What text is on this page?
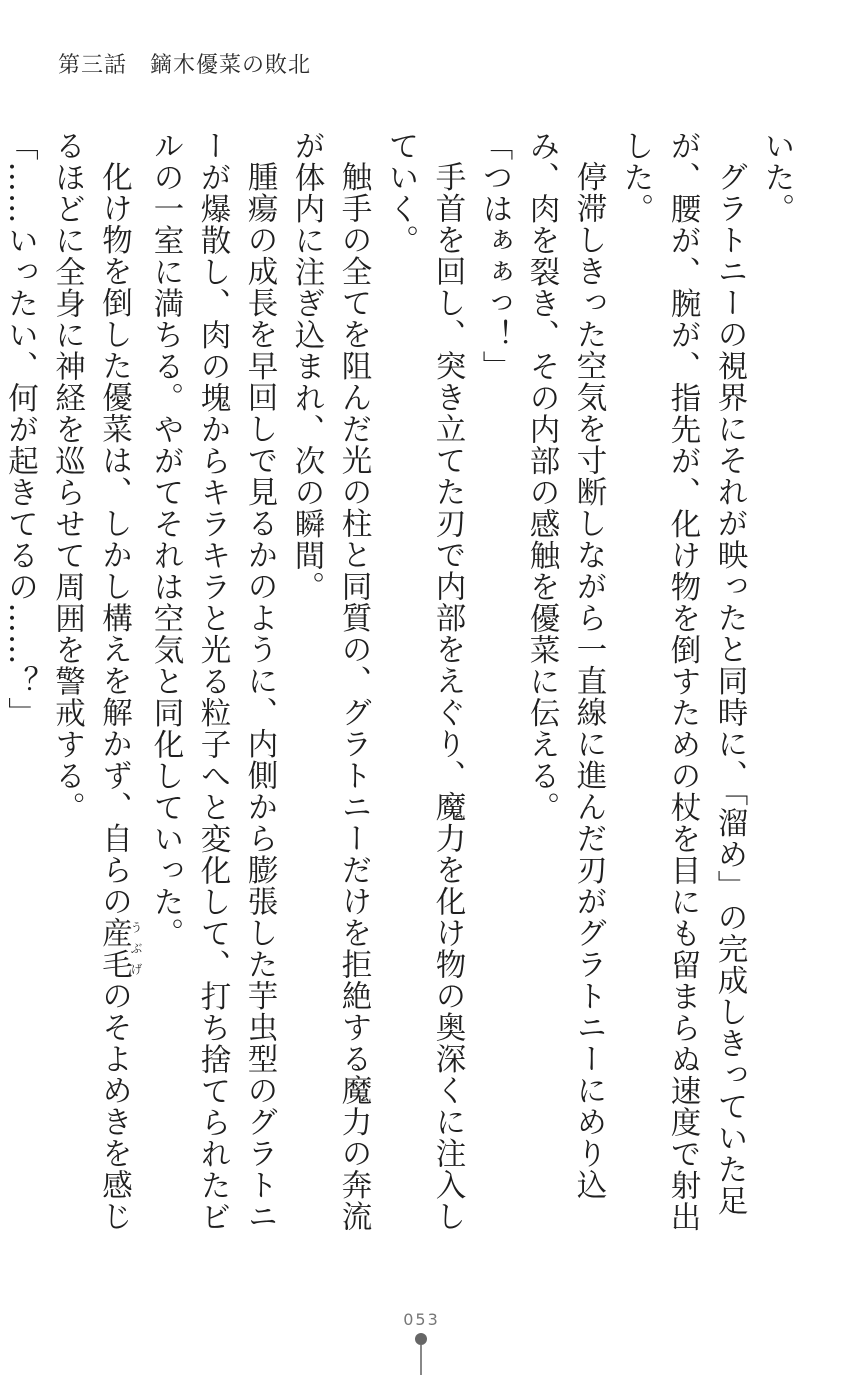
第三話　鏑木優菜の敗北

いた。

グラトニーの視界にそれが映ったと同時に、「溜め」の完成しきっていた足が、腰が、腕が、指先が、化け物を倒すための杖を目にも留まらぬ速度で射出した。

停滞しきった空気を寸断しながら一直線に進んだ刃がグラトニーにめり込み、肉を裂き、その内部の感触を優菜に伝える。

「つはぁぁっ！」

手首を回し、突き立てた刃で内部をえぐり、魔力を化け物の奥深くに注入していく。

触手の全てを阻んだ光の柱と同質の、グラトニーだけを拒絶する魔力の奔流が体内に注ぎ込まれ、次の瞬間。

腫瘍の成長を早回しで見るかのように、内側から膨張した芋虫型のグラトニーが爆散し、肉の塊からキラキラと光る粒子へと変化して、打ち捨てられたビルの一室に満ちる。やがてそれは空気と同化していった。

化け物を倒した優菜は、しかし構えを解かず、自らの産毛うぶげのそよめきを感じるほどに全身に神経を巡らせて周囲を警戒する。

「……いったい、何が起きてるの……？」

053
